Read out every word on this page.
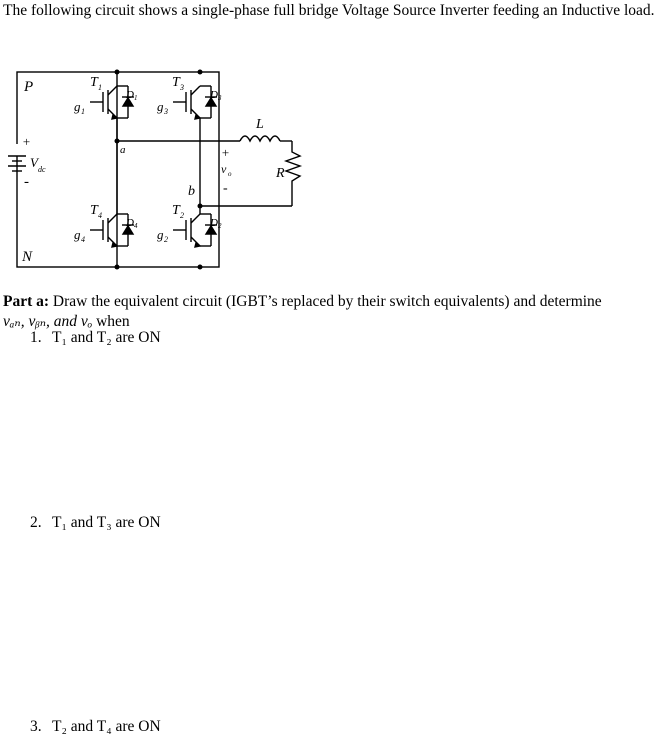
The following circuit shows a single-phase full bridge Voltage Source Inverter feeding an Inductive load.

P
N
+
-
V dc
T 1
D 1
g 1
T 3
D 3
g 3
T 4
D 4
g 4
T 2
D 2
g 2
a
b
L
R
+
v o
-

Part a: Draw the equivalent circuit (IGBT’s replaced by their switch equivalents) and determine
vₐₙ, vᵦₙ, and vₒ when

1. T₁ and T₂ are ON

2. T₁ and T₃ are ON

3. T₂ and T₄ are ON
